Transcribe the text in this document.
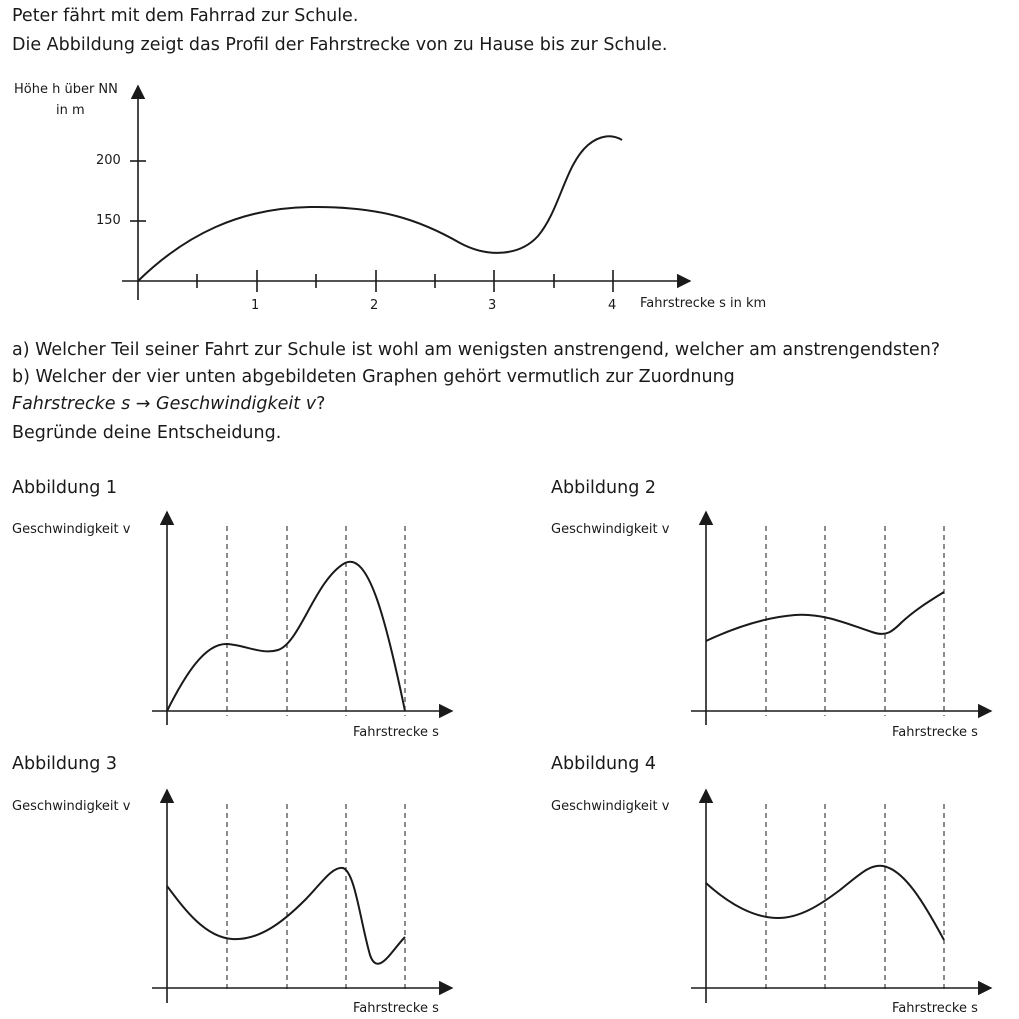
Peter fährt mit dem Fahrrad zur Schule.

Die Abbildung zeigt das Profil der Fahrstrecke von zu Hause bis zur Schule.

Höhe h über NN

in m

200

150

1	2	3	4 Fahrstrecke s in km

a) Welcher Teil seiner Fahrt zur Schule ist wohl am wenigsten anstrengend, welcher am anstrengendsten?

b) Welcher der vier unten abgebildeten Graphen gehört vermutlich zur Zuordnung

Fahrstrecke s → Geschwindigkeit v?

Begründe deine Entscheidung.

Abbildung 1	Abbildung 2

Abbildung 3	Abbildung 4

Geschwindigkeit v	Geschwindigkeit v

Geschwindigkeit v	Geschwindigkeit v

Fahrstrecke s	Fahrstrecke s

Fahrstrecke s	Fahrstrecke s
